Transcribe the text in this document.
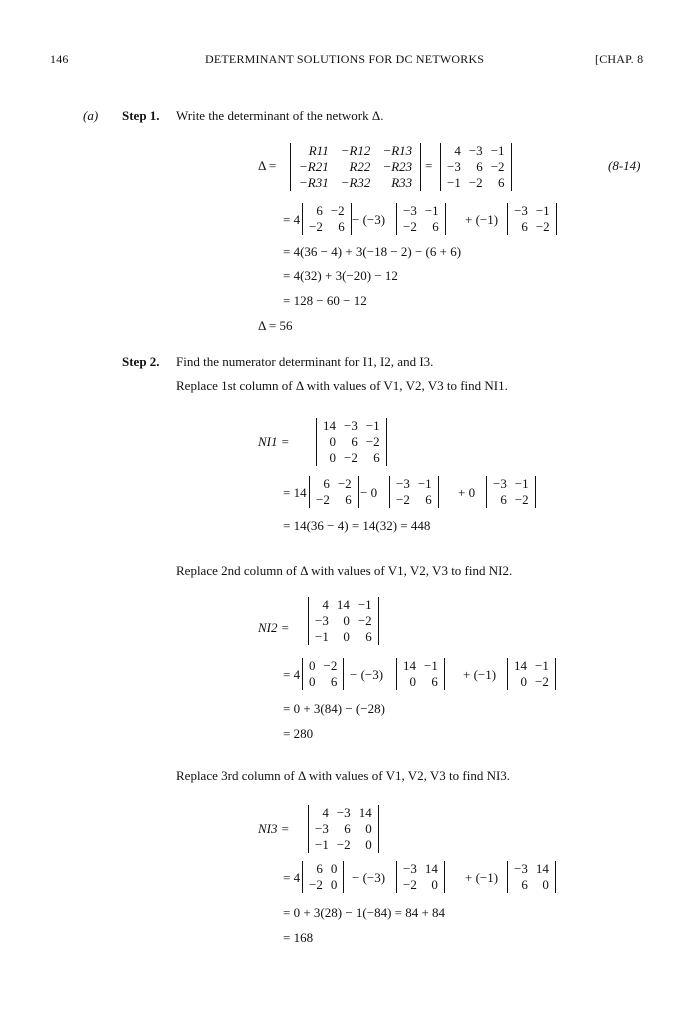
146	DETERMINANT SOLUTIONS FOR DC NETWORKS	[CHAP. 8
(a) Step 1. Write the determinant of the network Δ.
Δ =
R11 −R12 −R13
−R21	R22 −R23
−R31 −R32	R33
=
4 −3 −1
−3	6 −2
−1 −2	6
(8-14)
= 4
6 −2
−2	6 − (−3)
−3 −1
−2	6	+ (−1)
−3 −1
6 −2
= 4(36 − 4) + 3(−18 − 2) − (6 + 6)
= 4(32) + 3(−20) − 12
= 128 − 60 − 12
Δ = 56
Step 2. Find the numerator determinant for I1, I2, and I3.
Replace 1st column of Δ with values of V1, V2, V3 to find NI1.
NI1 =
14 −3 −1
0	6 −2
0 −2	6
= 14
6 −2
−2	6 − 0
−3 −1
−2	6	+ 0
−3 −1
6 −2
= 14(36 − 4) = 14(32) = 448
Replace 2nd column of Δ with values of V1, V2, V3 to find NI2.
NI2 =
4 14 −1
−3	0 −2
−1	0	6
= 4
0 −2
0	6 − (−3)
14 −1
0	6	+ (−1)
14 −1
0 −2
= 0 + 3(84) − (−28)
= 280
Replace 3rd column of Δ with values of V1, V2, V3 to find NI3.
NI3 =
4 −3 14
−3	6	0
−1 −2	0
= 4
6 0
−2 0	− (−3)
−3 14
−2	0	+ (−1)
−3 14
6	0
= 0 + 3(28) − 1(−84) = 84 + 84
= 168
